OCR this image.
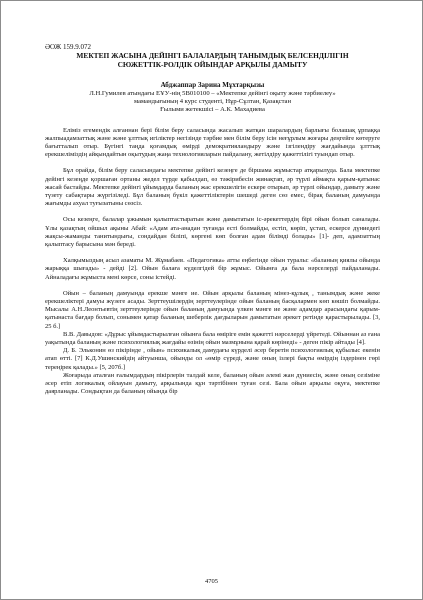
ӘОЖ 159.9.072
МЕКТЕП ЖАСЫНА ДЕЙІНГІ БАЛАЛАРДЫҢ ТАНЫМДЫҚ БЕЛСЕНДІЛІГІН
СЮЖЕТТІК-РОЛДІК ОЙЫНДАР АРҚЫЛЫ ДАМЫТУ
Абджаппар Зарина Мұхтарқызы
Л.Н.Гумилев атындағы ЕҰУ-нің 5В010100 – «Мектепке дейінгі оқыту және тәрбиелеу»
мамандығының 4 курс студенті, Нұр-Сұлтан, Қазақстан
Ғылыми жетекшісі – А.К. Махадиева

Еліміз егемендік алғаннан бері білім беру саласында жасалып жатқан шаралардың барлығы болашақ ұрпаққа жалпыадамзаттық және және ұлттық игіліктер негізінде тәрбие мен білім беру ісін неғұрлым жоғары деңгейге көтеруге бағытталып отыр. Бүгінгі таңда қоғамдық өмірді демократияландыру және ізгілендіру жағдайында ұлттық ерекшеліміздің айқындайтын оқытудың жаңа технологияларын пайдалану, жетілдіру қажеттілігі туындап отыр.

Бұл орайда, білім беру саласындағы мектепке дейінгі кезеңге де біршама жұмыстар атқарылуда. Бала мектепке дейінгі кезеңде қоршаған ортаны жедел түрде қабылдап, өз тәжірибесін жинақтап, әр түрлі аймақта қарым-қатынас жасай бастайды. Мектепке дейінгі ұйымдарда баланың жас ерекшелігін ескере отырып, әр түрлі ойындар, дамыту және түзету сабақтары жүргізіледі. Бұл баланың бүкіл қажеттіліктерін шешеді деген сөз емес, бірақ баланың дамуында жағымды ахуал туғызатыны сөзсіз.

Осы кезеңге, балалар ұжымын қалыптастыратын және дамытатын іс-әрекеттердің бірі ойын болып саналады. Ұлы қазақтың ойшыл ақыны Абай: «Адам ата-анадан туғанда есті болмайды, естіп, көріп, ұстап, ескерсе дүниедегі жақсы-жаманды танитындығы, сондайдан біліпі, көргені көп болған адам білімді болады» [1]- деп, адамзаттың қалыптасу барысына мән береді.

Халқымыздың асыл азаматы М. Жұмабаев. «Педагогика» атты еңбегінде ойын туралы: «баланың қиялы ойында жарыққа шығады» - дейді [2]. Ойын балаға күделгідей бір жұмыс. Ойынға да бала нәрселерді пайдаланады. Айналадағы жұмыста мені көрсе, соны істейді.

Ойын – баланың дамуында ерекше мәнге ие. Ойын арқылы баланың мінез-құлық , танымдық және жеке ерекшеліктері дамуы жүзеге асады. Зерттеушілердің зерттеулерінде ойын баланың басқалармен көп көшіп болмайды. Мысалы А.Н.Леонтьевтің зерттеулерінде ойын баланың дамуында үлкен мәнге ие және адамдар арасындағы қарым-қатынаста бағдар болып, сонымен қатар баланың шеберлік дағдыларын дамытатын әрекет ретінде қарастырылады. [3, 25 б.]

В.В. Давыдов: «Дұрыс ұйымдастырылған ойынға бала өміріге емін қажетті нәрселерді үйретеді. Ойыннан аз ғана уақытында баланың және психологиялық жағдайы өзінің ойын мазмұнына қарай көрінеді» - деген пікір айтады [4].

Д. Б. Эльконин өз пікірінде , ойын» психикалық дамудағы күрделі әсер беретін психологиялық құбылыс екенін атап өтті. [7] К.Д.Ушинскийдің айтуынша, ойынды ол «өмір сүреді, және оның ізлері бақты өмірдің іздерінен гөрі тереңірек қалады.» [5, 207б.]

Жоғарыда аталған ғалымдардың пікірлерін талдай келе, баланың ойын әлемі жан дүниесін, және оның сезіміне әсер етіп логикалық ойлауын дамыту, арқылында құн тәртібінен туған сезі. Бала ойын арқылы оқуға, мектепке даярланады. Сондықтан да баланың ойында бір

4705
